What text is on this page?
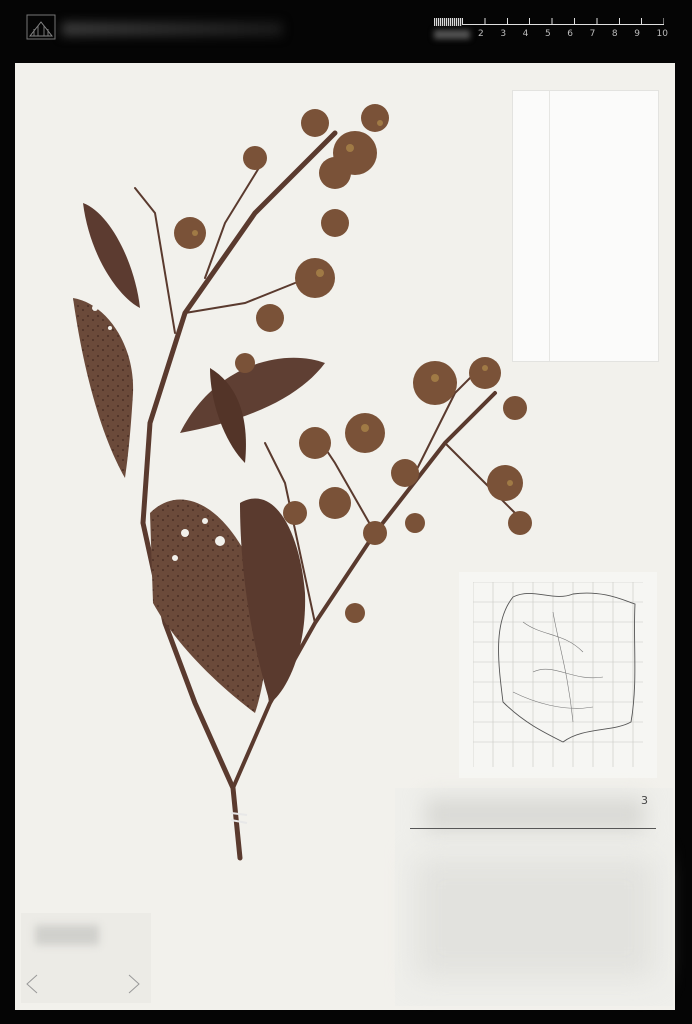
2 3 4 5 6 7 8 9 10
3
